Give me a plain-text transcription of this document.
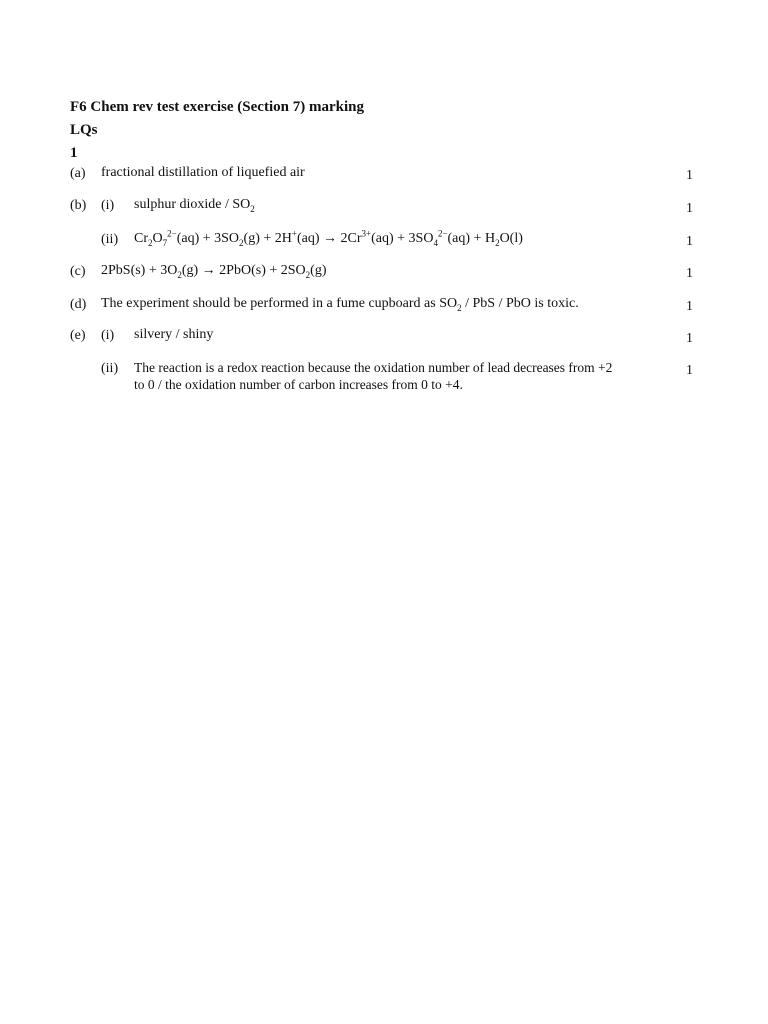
F6 Chem rev test exercise (Section 7) marking
LQs
1
(a) fractional distillation of liquefied air	1
(b) (i) sulphur dioxide / $SO_2$	1
(ii) $Cr_2O_7^{2-}(aq) + 3SO_2(g) + 2H^+(aq) \to 2Cr^{3+}(aq) + 3SO_4^{2-}(aq) + H_2O(l)$	1
(c) $2PbS(s) + 3O_2(g) \to 2PbO(s) + 2SO_2(g)$	1
(d) The experiment should be performed in a fume cupboard as $SO_2$ / PbS / PbO is toxic.	1
(e) (i) silvery / shiny	1
(ii) The reaction is a redox reaction because the oxidation number of lead decreases from +2
to 0 / the oxidation number of carbon increases from 0 to +4.
1
